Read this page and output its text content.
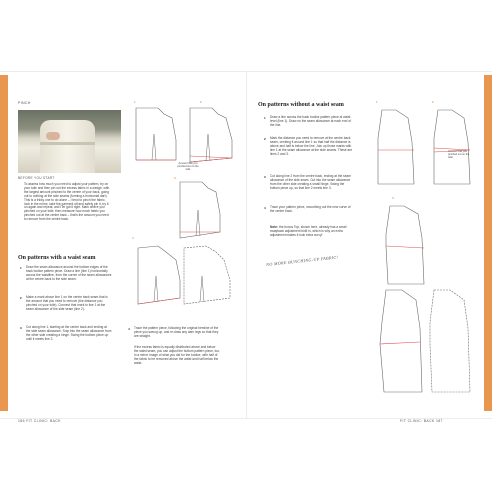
PINCH

BEFORE YOU START

To assess how much you need to adjust your pattern, try on your toile and then pin out the excess fabric in a wedge, with the largest amount pinched to the centre of your back, going out to nothing at the side seams (forming a horizontal dart). This is a tricky one to do alone – I tend to pinch the fabric, look in the mirror, take the garment off and safely pin it, try it on again and repeat, and I've got it right. Mark where you pinched on your toile, then measure how much fabric you pinched out at the centre back – that's the amount you need to remove from the centre back.

On patterns with a waist seam

1 Draw the seam allowance around the bottom edges of the back bodice pattern piece. Draw a line (line 1) horizontally across the waistline, from the corner of the seam allowances at the centre back to the side seam.

2 Make a mark above line 1 on the centre back seam that is the amount that you need to remove (the distance you pinched on your toile). Connect that mark to line 1 at the seam allowance of the side seam (line 2).

3 Cut along line 1, starting at the centre back and ending at the side seam allowance. Snip into the seam allowance from the other side creating a hinge. Swing the bottom piece up until it meets line 2.

1	2

Amount that you pinched out on the toile

3
4
4 Trace the pattern piece, following the original hemline of the piece you swung up, and re-draw any darn legs so that they are straight.

If the excess fabric is equally distributed above and below the waist seam, you can adjust the bottom pattern piece, too, in a mirror image of what you did for the bodice, with half of the fabric to be removed above the waist and half below the waist.

186 FIT CLINIC: BACK

On patterns without a waist seam

1 Draw a line across the back bodice pattern piece at waist level (line 1). Draw on the seam allowance at each end of the line.

2 Mark the distance you need to remove at the centre back seam, centring it around line 1 so that half the distance is above and half is below the line. Join up those marks with line 1 at the seam allowance at the side seams. These are lines 2 and 3.

3 Cut along line 2 from the centre back, ending at the seam allowance of the side seam. Cut into the seam allowance from the other side creating a small hinge. Swing the bottom piece up, so that line 2 meets line 3.

4 Trace your pattern piece, smoothing out the new curve of the centre back.

Note: the bonus Top, shown here, already has a small swayback adjustment built in, which is why an extra adjustment makes it look extra curvy!

NO MORE BUNCHING-UP FABRIC!

1	2

Amount that you pinched out on the toile

3

FIT CLINIC: BACK 187
